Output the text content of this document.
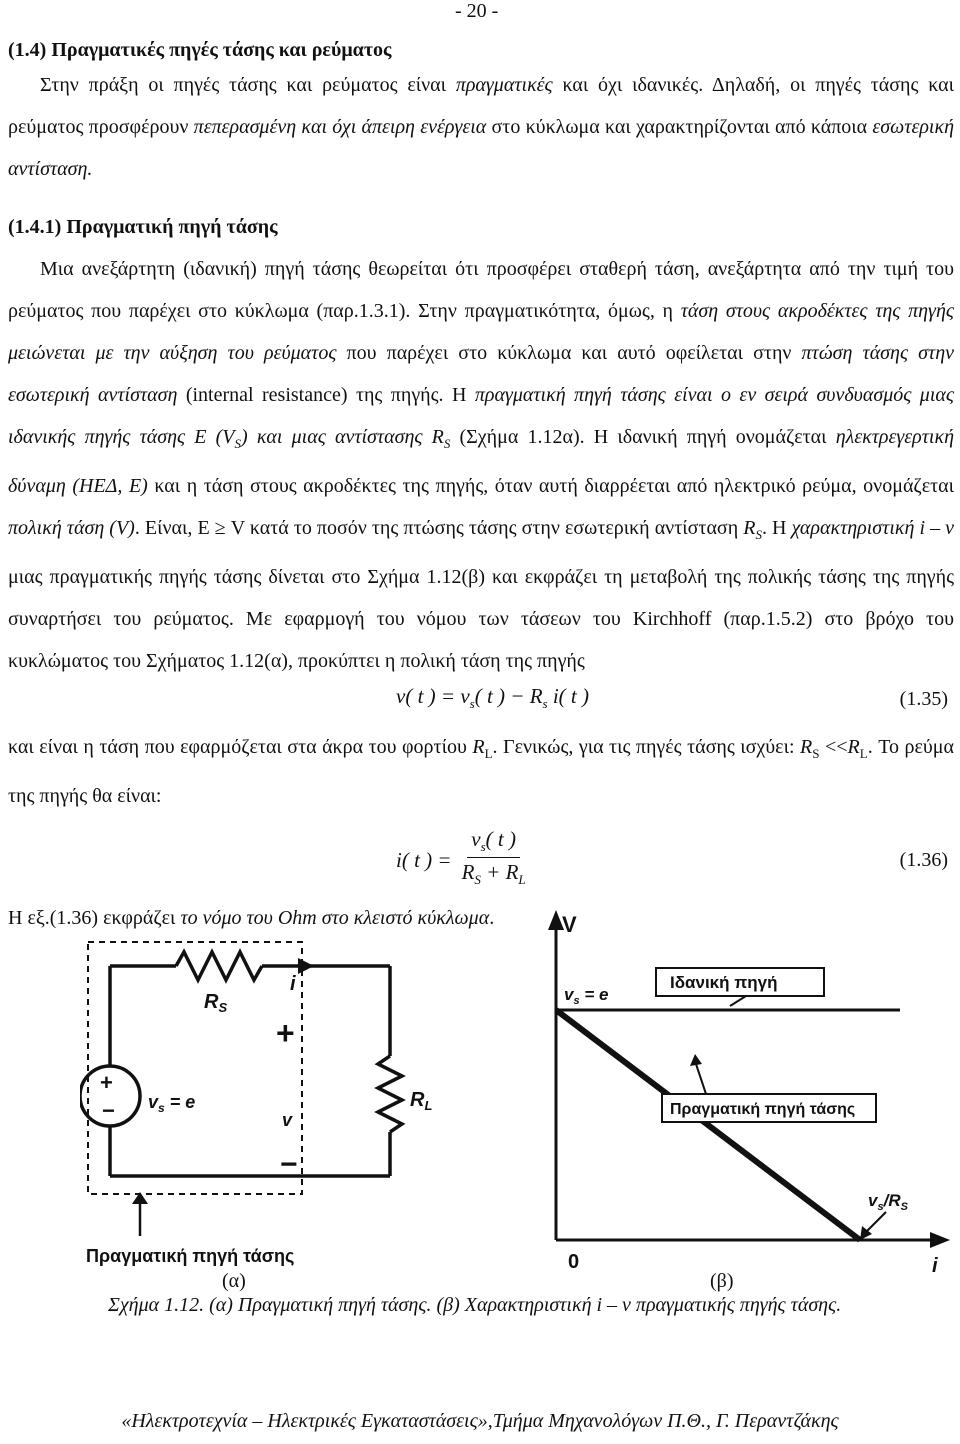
- 20 -
(1.4) Πραγματικές πηγές τάσης και ρεύματος

Στην πράξη οι πηγές τάσης και ρεύματος είναι πραγματικές και όχι ιδανικές. Δηλαδή, οι πηγές τάσης και ρεύματος προσφέρουν πεπερασμένη και όχι άπειρη ενέργεια στο κύκλωμα και χαρακτηρίζονται από κάποια εσωτερική αντίσταση.

(1.4.1) Πραγματική πηγή τάσης

Μια ανεξάρτητη (ιδανική) πηγή τάσης θεωρείται ότι προσφέρει σταθερή τάση, ανεξάρτητα από την τιμή του ρεύματος που παρέχει στο κύκλωμα (παρ.1.3.1). Στην πραγματικότητα, όμως, η τάση στους ακροδέκτες της πηγής μειώνεται με την αύξηση του ρεύματος που παρέχει στο κύκλωμα και αυτό οφείλεται στην πτώση τάσης στην εσωτερική αντίσταση (internal resistance) της πηγής. Η πραγματική πηγή τάσης είναι ο εν σειρά συνδυασμός μιας ιδανικής πηγής τάσης Ε $(V_S)$ και μιας αντίστασης $R_S$ (Σχήμα 1.12α). Η ιδανική πηγή ονομάζεται ηλεκτρεγερτική δύναμη (ΗΕΔ, Ε) και η τάση στους ακροδέκτες της πηγής, όταν αυτή διαρρέεται από ηλεκτρικό ρεύμα, ονομάζεται πολική τάση (V). Είναι, Ε ≥ V κατά το ποσόν της πτώσης τάσης στην εσωτερική αντίσταση $R_S$. Η χαρακτηριστική i – v μιας πραγματικής πηγής τάσης δίνεται στο Σχήμα 1.12(β) και εκφράζει τη μεταβολή της πολικής τάσης της πηγής συναρτήσει του ρεύματος. Με εφαρμογή του νόμου των τάσεων του Kirchhoff (παρ.1.5.2) στο βρόχο του κυκλώματος του Σχήματος 1.12(α), προκύπτει η πολική τάση της πηγής

v( t ) = $v_s$( t ) − $R_s$ i( t )	(1.35)

και είναι η τάση που εφαρμόζεται στα άκρα του φορτίου $R_L$. Γενικώς, για τις πηγές τάσης ισχύει: $R_S <<R_L$. Το ρεύμα της πηγής θα είναι:

i( t ) = $\frac{v_s( t )}{R_S + R_L}$	(1.36)

Η εξ.(1.36) εκφράζει το νόμο του Ohm στο κλειστό κύκλωμα.

$R_S$
i
+
v
−
$R_L$
+
− $v_s = e$
Πραγματική πηγή τάσης
V
i
0
$v_s = e$
Ιδανική πηγή
Πραγματική πηγή τάσης
$v_s/R_S$
(α)	(β)
Σχήμα 1.12. (α) Πραγματική πηγή τάσης. (β) Χαρακτηριστική i – v πραγματικής πηγής τάσης.
«Ηλεκτροτεχνία – Ηλεκτρικές Εγκαταστάσεις»,Τμήμα Μηχανολόγων Π.Θ., Γ. Περαντζάκης
